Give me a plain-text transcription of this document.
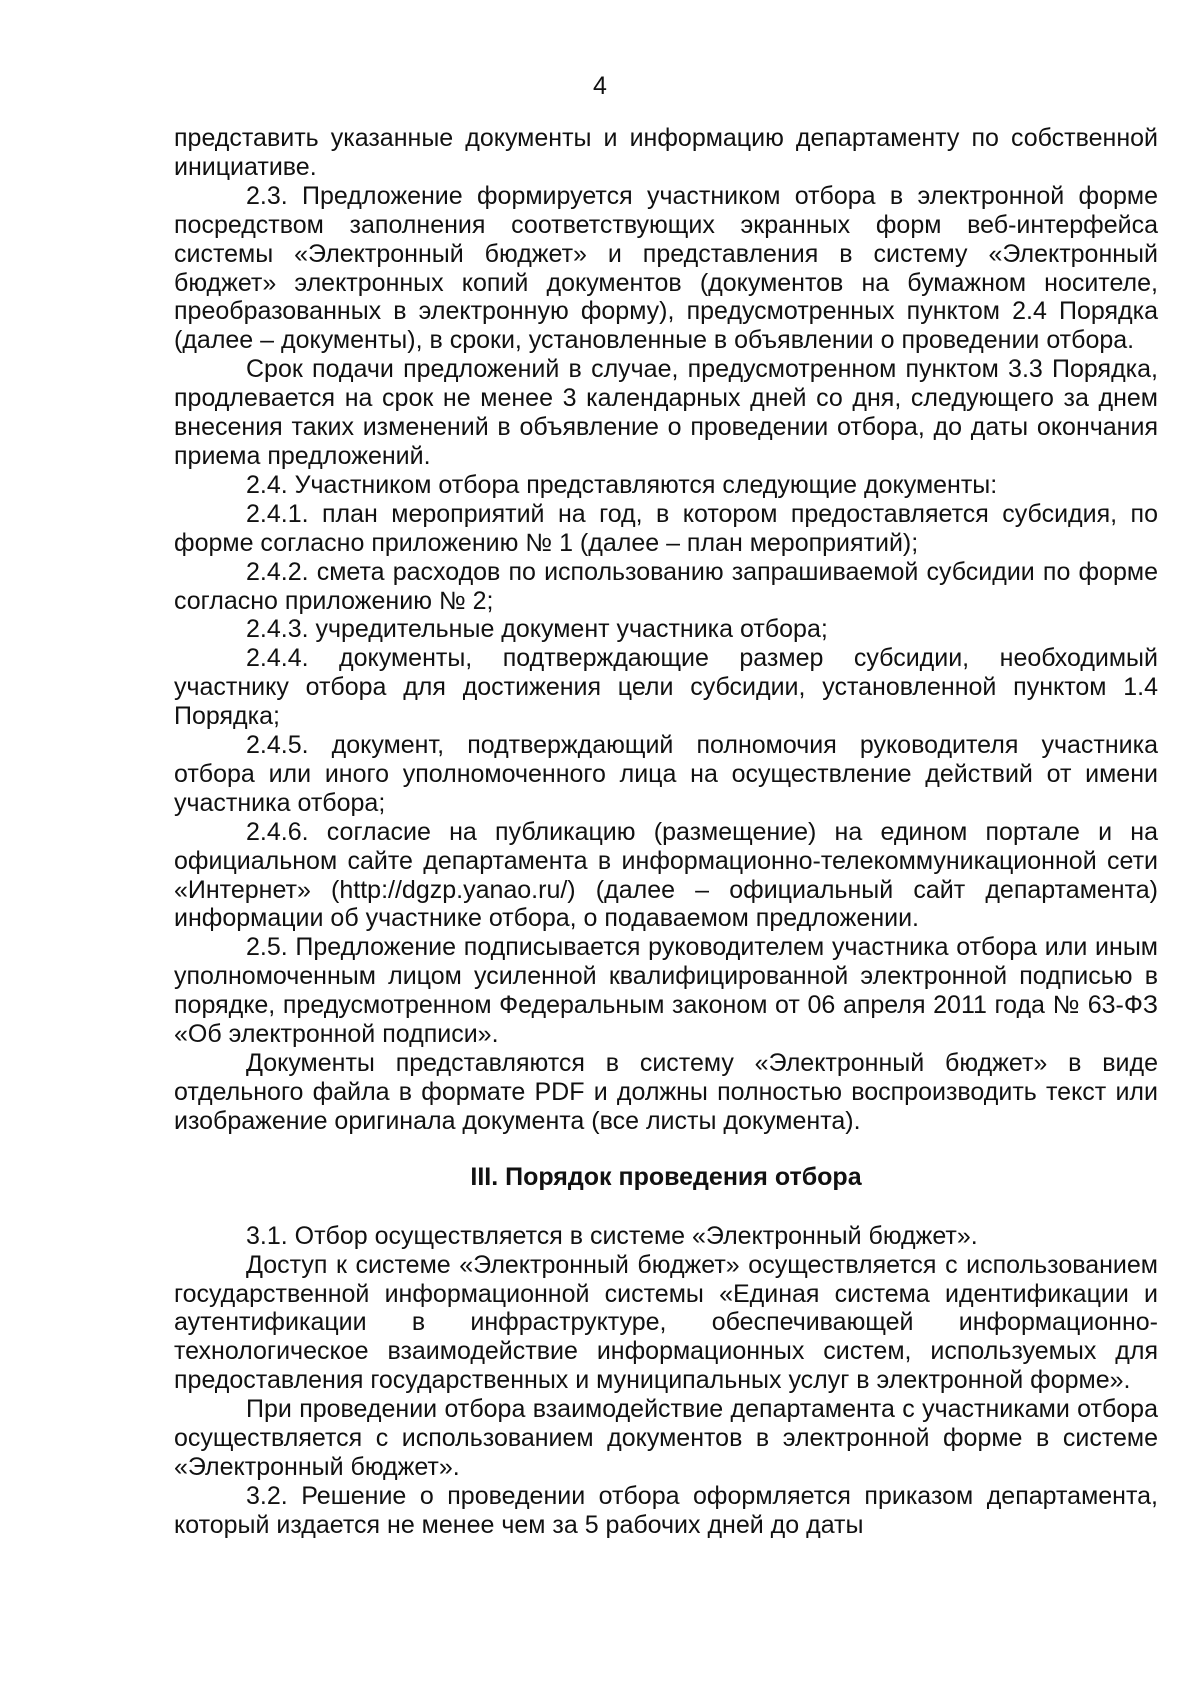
4

представить указанные документы и информацию департаменту по собственной инициативе.

2.3. Предложение формируется участником отбора в электронной форме посредством заполнения соответствующих экранных форм веб-интерфейса системы «Электронный бюджет» и представления в систему «Электронный бюджет» электронных копий документов (документов на бумажном носителе, преобразованных в электронную форму), предусмотренных пунктом 2.4 Порядка (далее – документы), в сроки, установленные в объявлении о проведении отбора.

Срок подачи предложений в случае, предусмотренном пунктом 3.3 Порядка, продлевается на срок не менее 3 календарных дней со дня, следующего за днем внесения таких изменений в объявление о проведении отбора, до даты окончания приема предложений.

2.4. Участником отбора представляются следующие документы:

2.4.1. план мероприятий на год, в котором предоставляется субсидия, по форме согласно приложению № 1 (далее – план мероприятий);

2.4.2. смета расходов по использованию запрашиваемой субсидии по форме согласно приложению № 2;

2.4.3. учредительные документ участника отбора;

2.4.4. документы, подтверждающие размер субсидии, необходимый участнику отбора для достижения цели субсидии, установленной пунктом 1.4 Порядка;

2.4.5. документ, подтверждающий полномочия руководителя участника отбора или иного уполномоченного лица на осуществление действий от имени участника отбора;

2.4.6. согласие на публикацию (размещение) на едином портале и на официальном сайте департамента в информационно-телекоммуникационной сети «Интернет» (http://dgzp.yanao.ru/) (далее – официальный сайт департамента) информации об участнике отбора, о подаваемом предложении.

2.5. Предложение подписывается руководителем участника отбора или иным уполномоченным лицом усиленной квалифицированной электронной подписью в порядке, предусмотренном Федеральным законом от 06 апреля 2011 года № 63-ФЗ «Об электронной подписи».

Документы представляются в систему «Электронный бюджет» в виде отдельного файла в формате PDF и должны полностью воспроизводить текст или изображение оригинала документа (все листы документа).

III. Порядок проведения отбора

3.1. Отбор осуществляется в системе «Электронный бюджет».

Доступ к системе «Электронный бюджет» осуществляется с использованием государственной информационной системы «Единая система идентификации и аутентификации в инфраструктуре, обеспечивающей информационно-технологическое взаимодействие информационных систем, используемых для предоставления государственных и муниципальных услуг в электронной форме».

При проведении отбора взаимодействие департамента с участниками отбора осуществляется с использованием документов в электронной форме в системе «Электронный бюджет».

3.2. Решение о проведении отбора оформляется приказом департамента, который издается не менее чем за 5 рабочих дней до даты
